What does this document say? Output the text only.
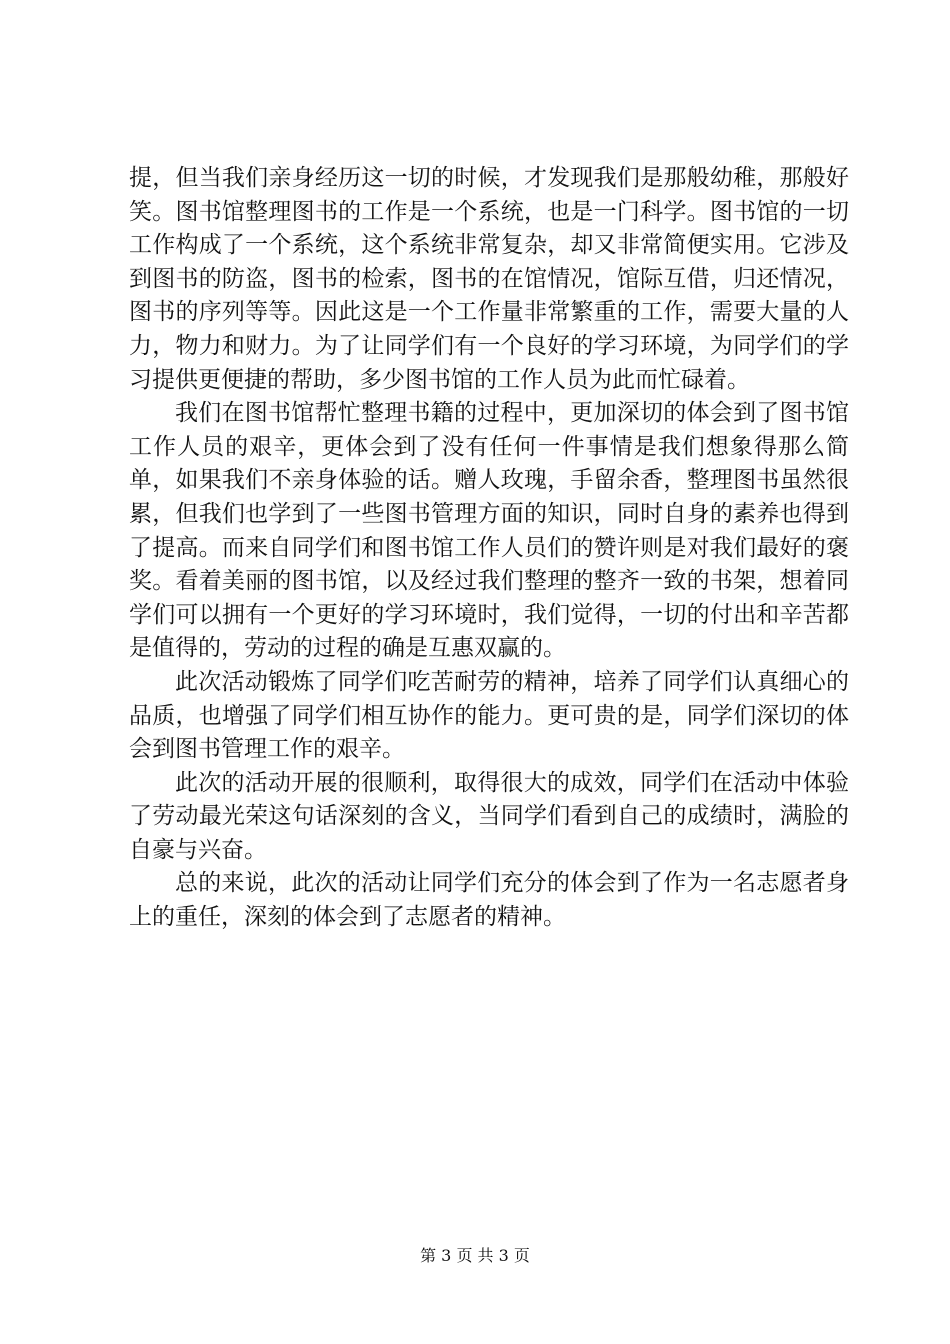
提，但当我们亲身经历这一切的时候，才发现我们是那般幼稚，那般好笑。图书馆整理图书的工作是一个系统，也是一门科学。图书馆的一切工作构成了一个系统，这个系统非常复杂，却又非常简便实用。它涉及到图书的防盗，图书的检索，图书的在馆情况，馆际互借，归还情况，图书的序列等等。因此这是一个工作量非常繁重的工作，需要大量的人力，物力和财力。为了让同学们有一个良好的学习环境，为同学们的学习提供更便捷的帮助，多少图书馆的工作人员为此而忙碌着。

我们在图书馆帮忙整理书籍的过程中，更加深切的体会到了图书馆工作人员的艰辛，更体会到了没有任何一件事情是我们想象得那么简单，如果我们不亲身体验的话。赠人玫瑰，手留余香，整理图书虽然很累，但我们也学到了一些图书管理方面的知识，同时自身的素养也得到了提高。而来自同学们和图书馆工作人员们的赞许则是对我们最好的褒奖。看着美丽的图书馆，以及经过我们整理的整齐一致的书架，想着同学们可以拥有一个更好的学习环境时，我们觉得，一切的付出和辛苦都是值得的，劳动的过程的确是互惠双赢的。

此次活动锻炼了同学们吃苦耐劳的精神，培养了同学们认真细心的品质，也增强了同学们相互协作的能力。更可贵的是，同学们深切的体会到图书管理工作的艰辛。

此次的活动开展的很顺利，取得很大的成效，同学们在活动中体验了劳动最光荣这句话深刻的含义，当同学们看到自己的成绩时，满脸的自豪与兴奋。

总的来说，此次的活动让同学们充分的体会到了作为一名志愿者身上的重任，深刻的体会到了志愿者的精神。

第 3 页 共 3 页
